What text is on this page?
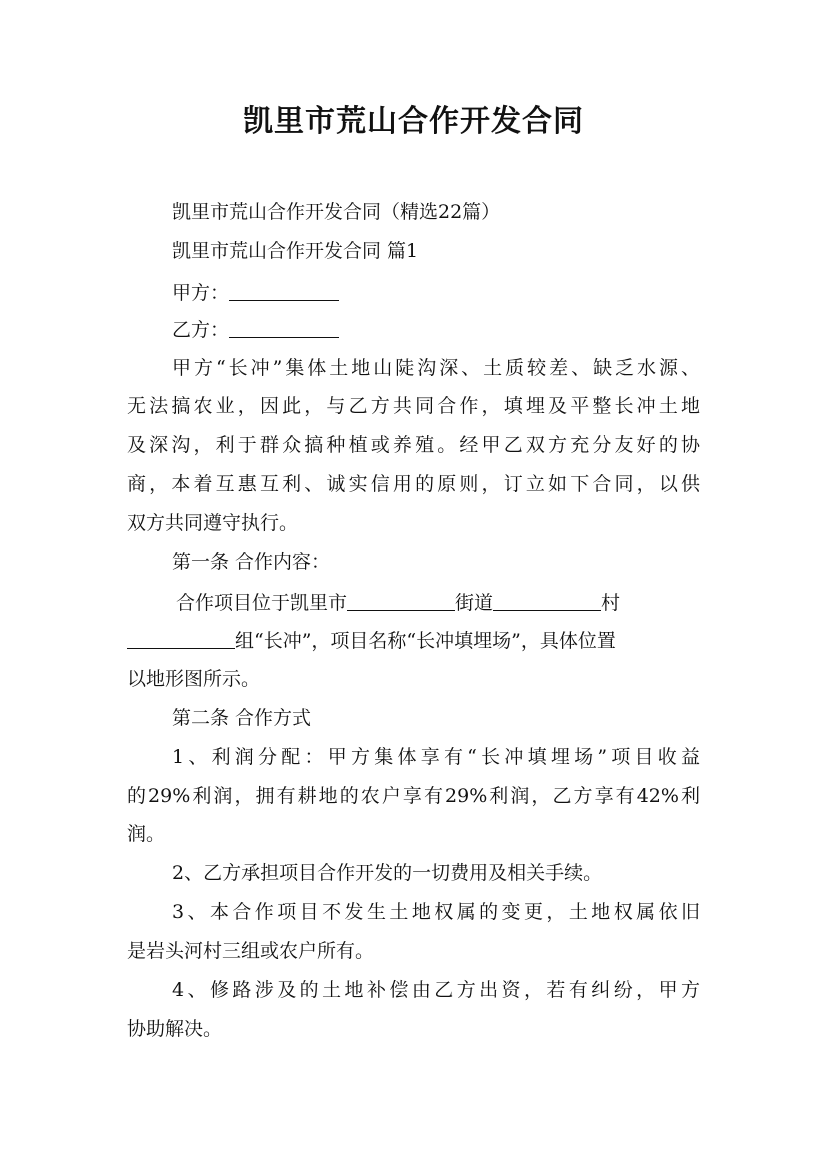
凯里市荒山合作开发合同
凯里市荒山合作开发合同（精选22篇）
凯里市荒山合作开发合同 篇1
甲方：
乙方：
甲方“长冲”集体土地山陡沟深、土质较差、缺乏水源、
无法搞农业，因此，与乙方共同合作，填埋及平整长冲土地
及深沟，利于群众搞种植或养殖。经甲乙双方充分友好的协
商，本着互惠互利、诚实信用的原则，订立如下合同，以供
双方共同遵守执行。
第一条 合作内容：
合作项目位于凯里市	街道	村
组“长冲”，项目名称“长冲填埋场”，具体位置
以地形图所示。
第二条 合作方式
1、利润分配：甲方集体享有“长冲填埋场”项目收益
的29%利润，拥有耕地的农户享有29%利润，乙方享有42%利
润。
2、乙方承担项目合作开发的一切费用及相关手续。
3、本合作项目不发生土地权属的变更，土地权属依旧
是岩头河村三组或农户所有。
4、修路涉及的土地补偿由乙方出资，若有纠纷，甲方
协助解决。
